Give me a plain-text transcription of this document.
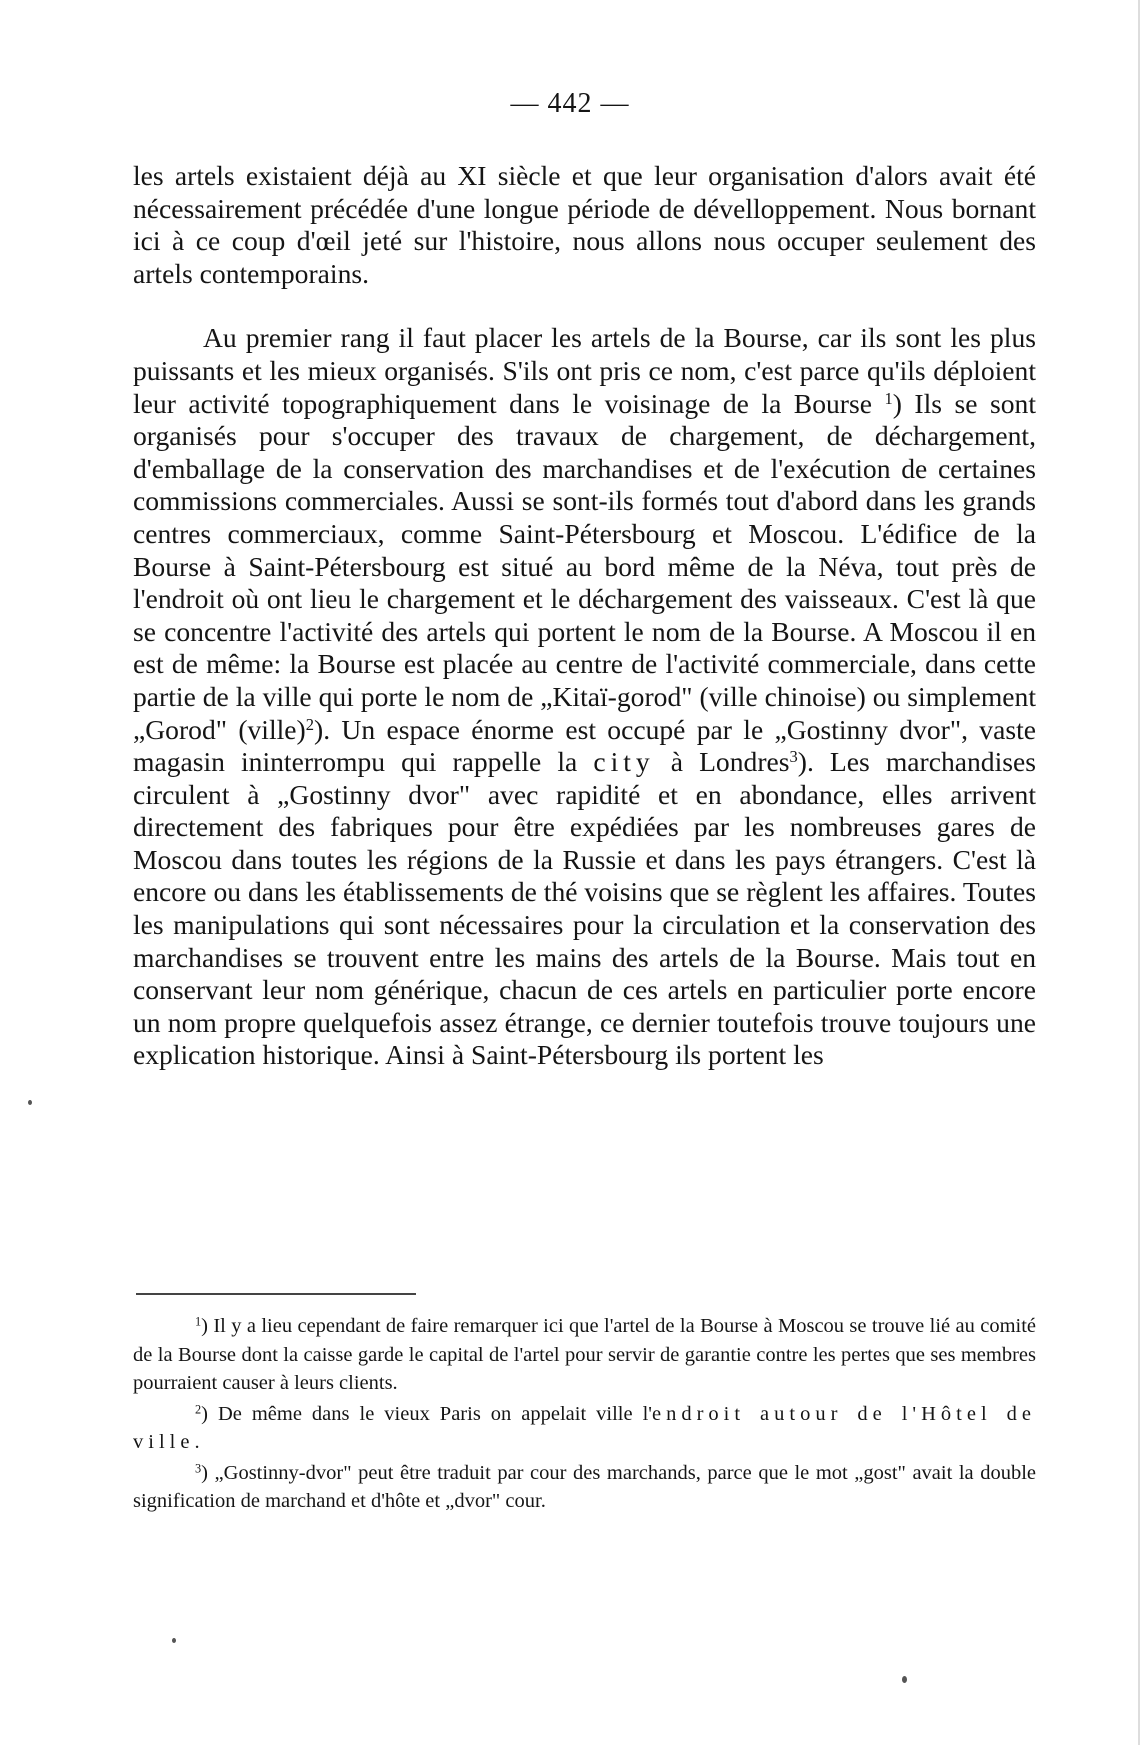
— 442 —

les artels existaient déjà au XI siècle et que leur organisation d'alors avait été nécessairement précédée d'une longue période de dévelloppement. Nous bornant ici à ce coup d'œil jeté sur l'histoire, nous allons nous occuper seulement des artels contemporains.

Au premier rang il faut placer les artels de la Bourse, car ils sont les plus puissants et les mieux organisés. S'ils ont pris ce nom, c'est parce qu'ils déploient leur activité topographiquement dans le voisinage de la Bourse $^1$) Ils se sont organisés pour s'occuper des travaux de chargement, de déchargement, d'emballage de la conservation des marchandises et de l'exécution de certaines commissions commerciales. Aussi se sont-ils formés tout d'abord dans les grands centres commerciaux, comme Saint-Pétersbourg et Moscou. L'édifice de la Bourse à Saint-Pétersbourg est situé au bord même de la Néva, tout près de l'endroit où ont lieu le chargement et le déchargement des vaisseaux. C'est là que se concentre l'activité des artels qui portent le nom de la Bourse. A Moscou il en est de même: la Bourse est placée au centre de l'activité commerciale, dans cette partie de la ville qui porte le nom de „Kitaï-gorod" (ville chinoise) ou simplement „Gorod" (ville)$^2$). Un espace énorme est occupé par le „Gostinny dvor", vaste magasin ininterrompu qui rappelle la city à Londres$^3$). Les marchandises circulent à „Gostinny dvor" avec rapidité et en abondance, elles arrivent directement des fabriques pour être expédiées par les nombreuses gares de Moscou dans toutes les régions de la Russie et dans les pays étrangers. C'est là encore ou dans les établissements de thé voisins que se règlent les affaires. Toutes les manipulations qui sont nécessaires pour la circulation et la conservation des marchandises se trouvent entre les mains des artels de la Bourse. Mais tout en conservant leur nom générique, chacun de ces artels en particulier porte encore un nom propre quelquefois assez étrange, ce dernier toutefois trouve toujours une explication historique. Ainsi à Saint-Pétersbourg ils portent les

$^1$) Il y a lieu cependant de faire remarquer ici que l'artel de la Bourse à Moscou se trouve lié au comité de la Bourse dont la caisse garde le capital de l'artel pour servir de garantie contre les pertes que ses membres pourraient causer à leurs clients.

$^2$) De même dans le vieux Paris on appelait ville l'endroit autour de l'Hôtel de ville.

$^3$) „Gostinny-dvor" peut être traduit par cour des marchands, parce que le mot „gost" avait la double signification de marchand et d'hôte et „dvor" cour.
